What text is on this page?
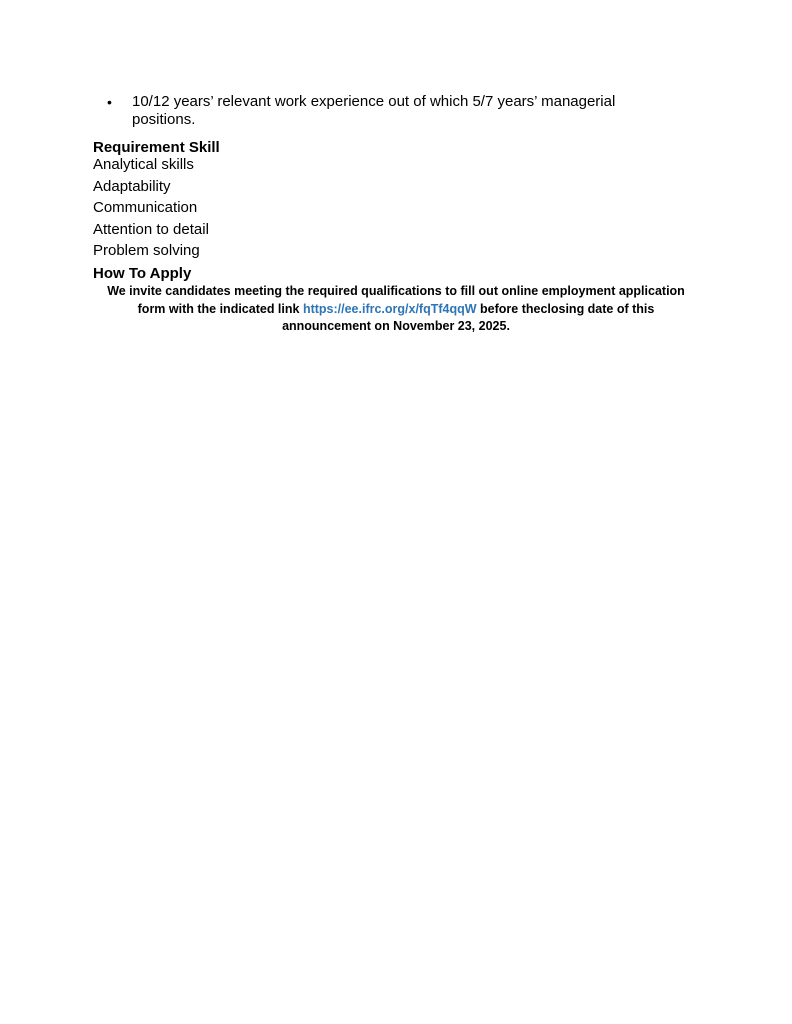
• 10/12 years’ relevant work experience out of which 5/7 years’ managerial positions.
Requirement Skill
Analytical skills
Adaptability
Communication
Attention to detail
Problem solving
How To Apply

We invite candidates meeting the required qualifications to fill out online employment application form with the indicated link https://ee.ifrc.org/x/fqTf4qqW before theclosing date of this announcement on November 23, 2025.
